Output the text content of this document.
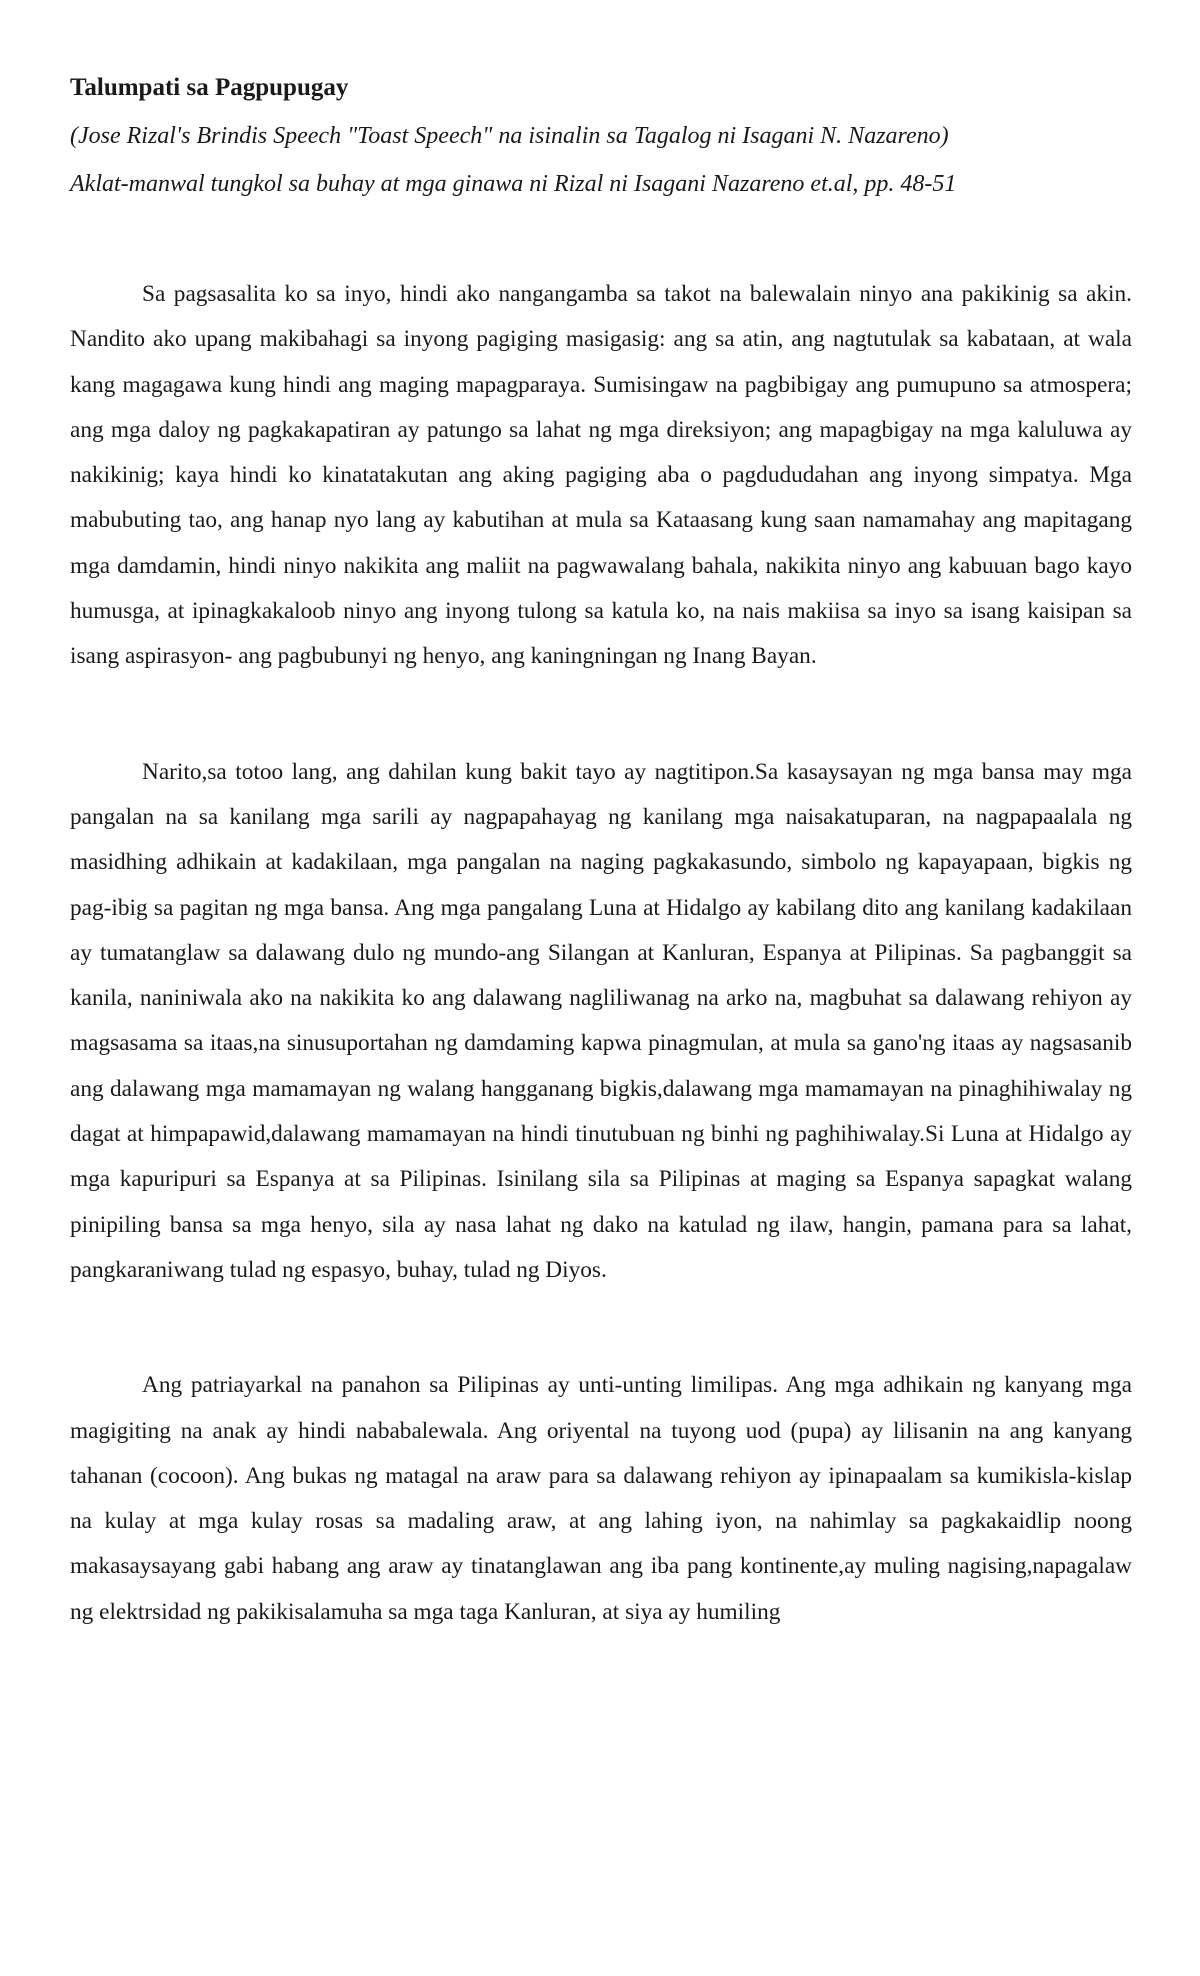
Talumpati sa Pagpupugay

(Jose Rizal's Brindis Speech "Toast Speech" na isinalin sa Tagalog ni Isagani N. Nazareno)

Aklat-manwal tungkol sa buhay at mga ginawa ni Rizal ni Isagani Nazareno et.al, pp. 48-51

Sa pagsasalita ko sa inyo, hindi ako nangangamba sa takot na balewalain ninyo ana pakikinig sa akin. Nandito ako upang makibahagi sa inyong pagiging masigasig: ang sa atin, ang nagtutulak sa kabataan, at wala kang magagawa kung hindi ang maging mapagparaya. Sumisingaw na pagbibigay ang pumupuno sa atmospera; ang mga daloy ng pagkakapatiran ay patungo sa lahat ng mga direksiyon; ang mapagbigay na mga kaluluwa ay nakikinig; kaya hindi ko kinatatakutan ang aking pagiging aba o pagdududahan ang inyong simpatya. Mga mabubuting tao, ang hanap nyo lang ay kabutihan at mula sa Kataasang kung saan namamahay ang mapitagang mga damdamin, hindi ninyo nakikita ang maliit na pagwawalang bahala, nakikita ninyo ang kabuuan bago kayo humusga, at ipinagkakaloob ninyo ang inyong tulong sa katula ko, na nais makiisa sa inyo sa isang kaisipan sa isang aspirasyon- ang pagbubunyi ng henyo, ang kaningningan ng Inang Bayan.

Narito,sa totoo lang, ang dahilan kung bakit tayo ay nagtitipon.Sa kasaysayan ng mga bansa may mga pangalan na sa kanilang mga sarili ay nagpapahayag ng kanilang mga naisakatuparan, na nagpapaalala ng masidhing adhikain at kadakilaan, mga pangalan na naging pagkakasundo, simbolo ng kapayapaan, bigkis ng pag-ibig sa pagitan ng mga bansa. Ang mga pangalang Luna at Hidalgo ay kabilang dito ang kanilang kadakilaan ay tumatanglaw sa dalawang dulo ng mundo-ang Silangan at Kanluran, Espanya at Pilipinas. Sa pagbanggit sa kanila, naniniwala ako na nakikita ko ang dalawang nagliliwanag na arko na, magbuhat sa dalawang rehiyon ay magsasama sa itaas,na sinusuportahan ng damdaming kapwa pinagmulan, at mula sa gano'ng itaas ay nagsasanib ang dalawang mga mamamayan ng walang hangganang bigkis,dalawang mga mamamayan na pinaghihiwalay ng dagat at himpapawid,dalawang mamamayan na hindi tinutubuan ng binhi ng paghihiwalay.Si Luna at Hidalgo ay mga kapuripuri sa Espanya at sa Pilipinas. Isinilang sila sa Pilipinas at maging sa Espanya sapagkat walang pinipiling bansa sa mga henyo, sila ay nasa lahat ng dako na katulad ng ilaw, hangin, pamana para sa lahat, pangkaraniwang tulad ng espasyo, buhay, tulad ng Diyos.

Ang patriayarkal na panahon sa Pilipinas ay unti-unting limilipas. Ang mga adhikain ng kanyang mga magigiting na anak ay hindi nababalewala. Ang oriyental na tuyong uod (pupa) ay lilisanin na ang kanyang tahanan (cocoon). Ang bukas ng matagal na araw para sa dalawang rehiyon ay ipinapaalam sa kumikisla-kislap na kulay at mga kulay rosas sa madaling araw, at ang lahing iyon, na nahimlay sa pagkakaidlip noong makasaysayang gabi habang ang araw ay tinatanglawan ang iba pang kontinente,ay muling nagising,napagalaw ng elektrsidad ng pakikisalamuha sa mga taga Kanluran, at siya ay humiling
